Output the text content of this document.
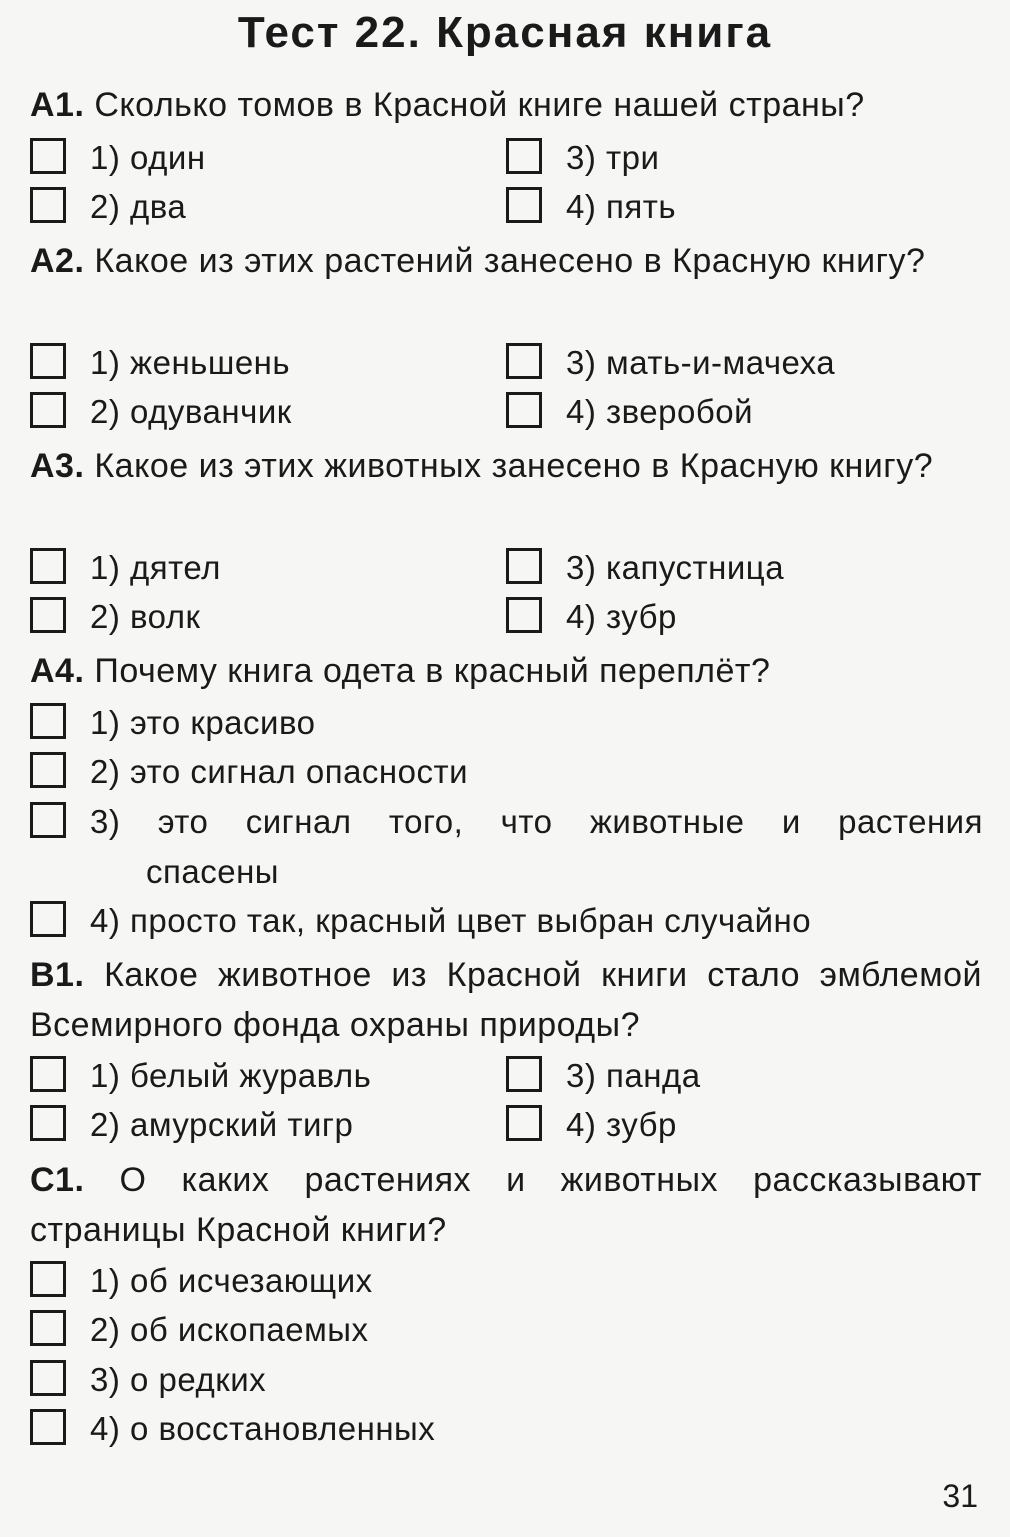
Тест 22. Красная книга
А1. Сколько томов в Красной книге нашей страны?
1) один
2) два
3) три
4) пять
А2. Какое из этих растений занесено в Красную книгу?
1) женьшень
2) одуванчик
3) мать-и-мачеха
4) зверобой
А3. Какое из этих животных занесено в Красную книгу?
1) дятел
2) волк
3) капустница
4) зубр
А4. Почему книга одета в красный переплёт?
1) это красиво
2) это сигнал опасности
3) это сигнал того, что животные и растения
спасены
4) просто так, красный цвет выбран случайно
В1. Какое животное из Красной книги стало эмблемой Всемирного фонда охраны природы?
1) белый журавль
2) амурский тигр
3) панда
4) зубр
С1. О каких растениях и животных рассказывают страницы Красной книги?
1) об исчезающих
2) об ископаемых
3) о редких
4) о восстановленных
31
